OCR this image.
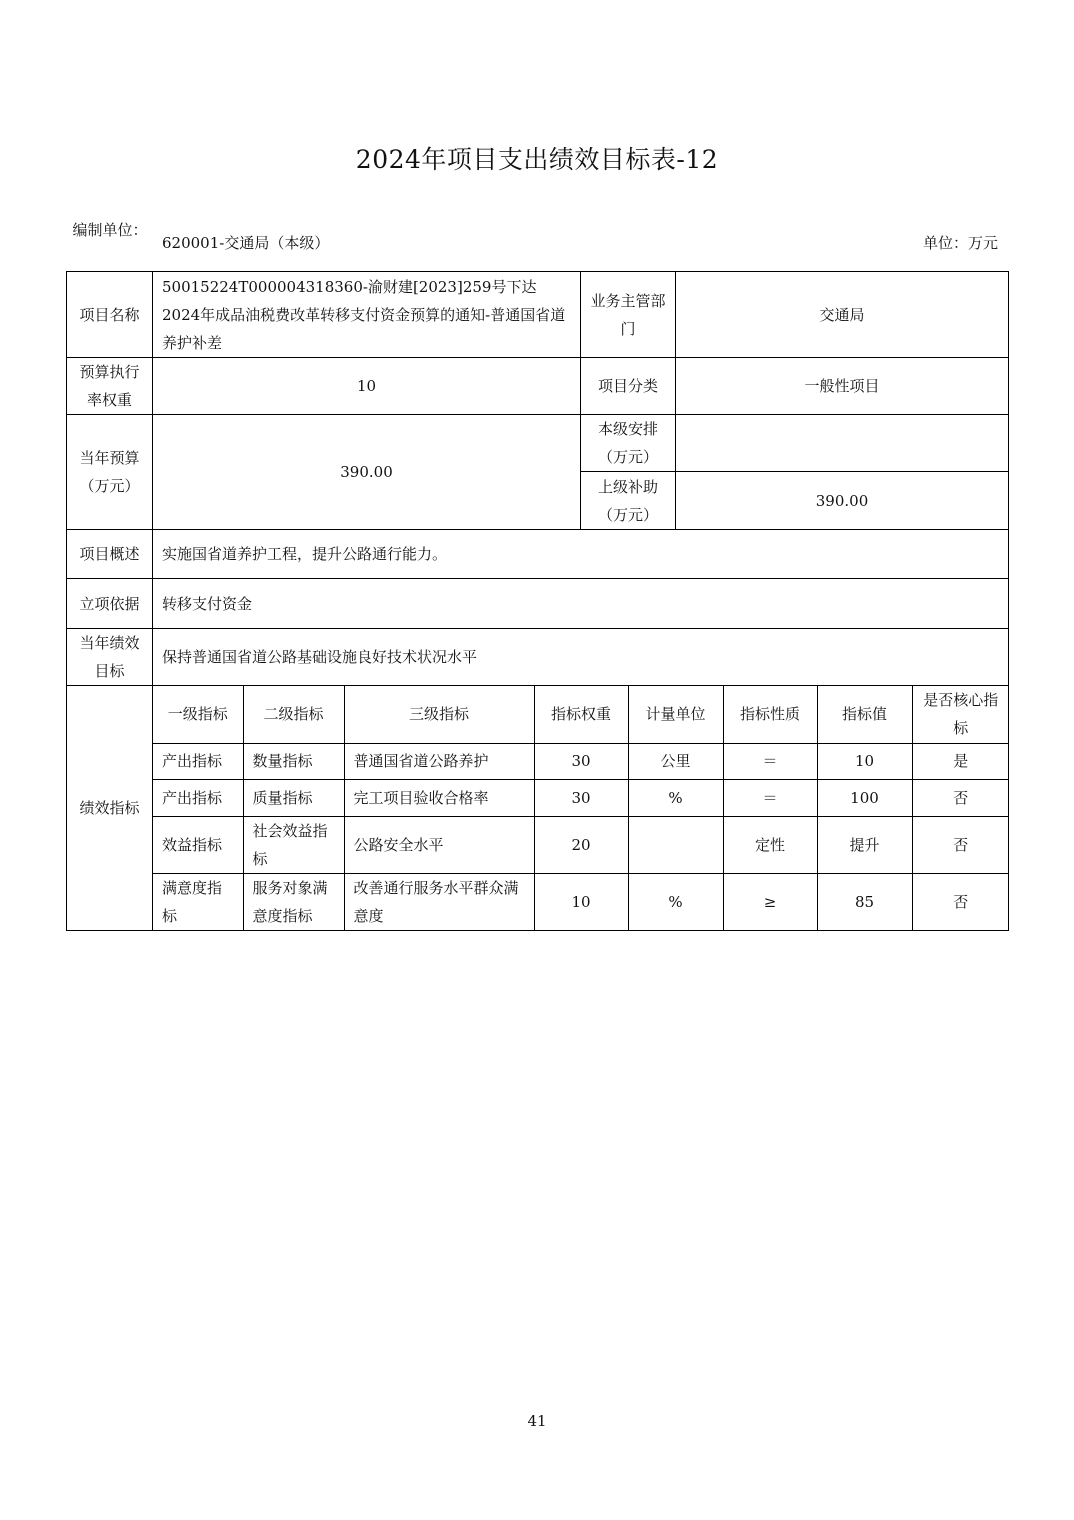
2024年项目支出绩效目标表-12
编制单位：
620001-交通局（本级）	单位：万元
项目名称	50015224T000004318360-渝财建[2023]259号下达2024年成品油税费改革转移支付资金预算的通知-普通国省道养护补差	业务主管部门	交通局
预算执行率权重	10	项目分类	一般性项目
当年预算（万元）	390.00	本级安排（万元）	
上级补助（万元）	390.00
项目概述	实施国省道养护工程，提升公路通行能力。
立项依据	转移支付资金
当年绩效目标	保持普通国省道公路基础设施良好技术状况水平
绩效指标	
一级指标	二级指标	三级指标	指标权重	计量单位	指标性质	指标值	是否核心指标
产出指标	数量指标	普通国省道公路养护	30	公里	＝	10	是
产出指标	质量指标	完工项目验收合格率	30	%	＝	100	否
效益指标	社会效益指标	公路安全水平	20		定性	提升	否
满意度指标	服务对象满意度指标	改善通行服务水平群众满意度	10	%	≥	85	否
41
